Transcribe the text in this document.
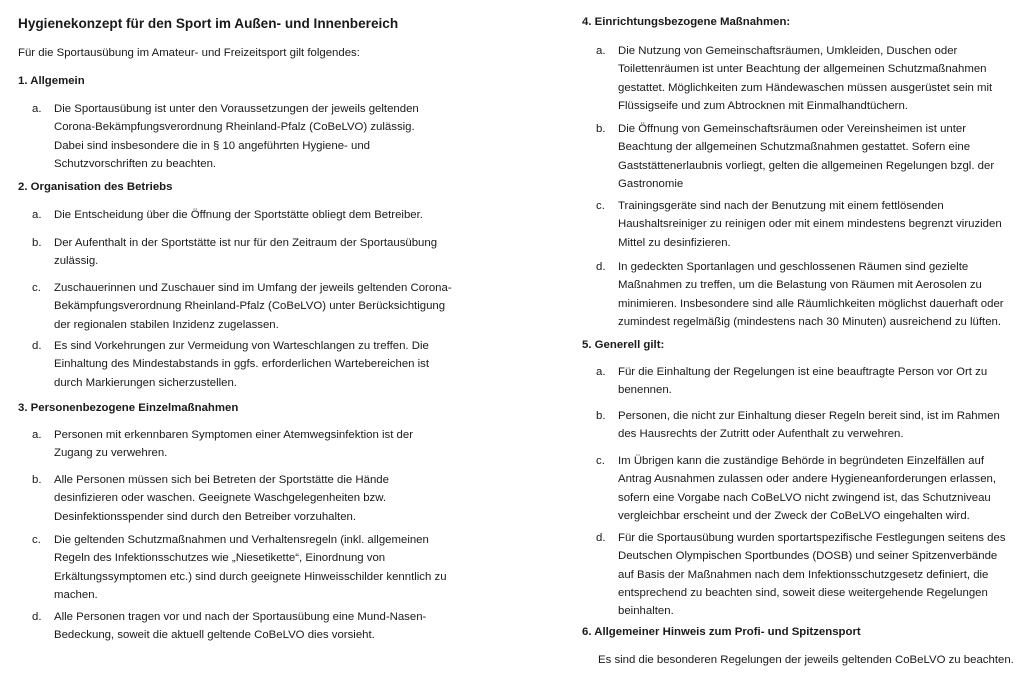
Hygienekonzept für den Sport im Außen- und Innenbereich
Für die Sportausübung im Amateur- und Freizeitsport gilt folgendes:
1. Allgemein
a. Die Sportausübung ist unter den Voraussetzungen der jeweils geltenden
Corona-Bekämpfungsverordnung Rheinland-Pfalz (CoBeLVO) zulässig.
Dabei sind insbesondere die in § 10 angeführten Hygiene- und
Schutzvorschriften zu beachten.
2. Organisation des Betriebs
a. Die Entscheidung über die Öffnung der Sportstätte obliegt dem Betreiber.
b. Der Aufenthalt in der Sportstätte ist nur für den Zeitraum der Sportausübung
zulässig.
c. Zuschauerinnen und Zuschauer sind im Umfang der jeweils geltenden Corona-
Bekämpfungsverordnung Rheinland-Pfalz (CoBeLVO) unter Berücksichtigung
der regionalen stabilen Inzidenz zugelassen.
d. Es sind Vorkehrungen zur Vermeidung von Warteschlangen zu treffen. Die
Einhaltung des Mindestabstands in ggfs. erforderlichen Wartebereichen ist
durch Markierungen sicherzustellen.
3. Personenbezogene Einzelmaßnahmen
a. Personen mit erkennbaren Symptomen einer Atemwegsinfektion ist der
Zugang zu verwehren.
b. Alle Personen müssen sich bei Betreten der Sportstätte die Hände
desinfizieren oder waschen. Geeignete Waschgelegenheiten bzw.
Desinfektionsspender sind durch den Betreiber vorzuhalten.
c. Die geltenden Schutzmaßnahmen und Verhaltensregeln (inkl. allgemeinen
Regeln des Infektionsschutzes wie „Niesetikette“, Einordnung von
Erkältungssymptomen etc.) sind durch geeignete Hinweisschilder kenntlich zu
machen.
d. Alle Personen tragen vor und nach der Sportausübung eine Mund-Nasen-
Bedeckung, soweit die aktuell geltende CoBeLVO dies vorsieht.
4. Einrichtungsbezogene Maßnahmen:
a. Die Nutzung von Gemeinschaftsräumen, Umkleiden, Duschen oder
Toilettenräumen ist unter Beachtung der allgemeinen Schutzmaßnahmen
gestattet. Möglichkeiten zum Händewaschen müssen ausgerüstet sein mit
Flüssigseife und zum Abtrocknen mit Einmalhandtüchern.
b. Die Öffnung von Gemeinschaftsräumen oder Vereinsheimen ist unter
Beachtung der allgemeinen Schutzmaßnahmen gestattet. Sofern eine
Gaststättenerlaubnis vorliegt, gelten die allgemeinen Regelungen bzgl. der
Gastronomie
c. Trainingsgeräte sind nach der Benutzung mit einem fettlösenden
Haushaltsreiniger zu reinigen oder mit einem mindestens begrenzt viruziden
Mittel zu desinfizieren.
d. In gedeckten Sportanlagen und geschlossenen Räumen sind gezielte
Maßnahmen zu treffen, um die Belastung von Räumen mit Aerosolen zu
minimieren. Insbesondere sind alle Räumlichkeiten möglichst dauerhaft oder
zumindest regelmäßig (mindestens nach 30 Minuten) ausreichend zu lüften.
5. Generell gilt:
a. Für die Einhaltung der Regelungen ist eine beauftragte Person vor Ort zu
benennen.
b. Personen, die nicht zur Einhaltung dieser Regeln bereit sind, ist im Rahmen
des Hausrechts der Zutritt oder Aufenthalt zu verwehren.
c. Im Übrigen kann die zuständige Behörde in begründeten Einzelfällen auf
Antrag Ausnahmen zulassen oder andere Hygieneanforderungen erlassen,
sofern eine Vorgabe nach CoBeLVO nicht zwingend ist, das Schutzniveau
vergleichbar erscheint und der Zweck der CoBeLVO eingehalten wird.
d. Für die Sportausübung wurden sportartspezifische Festlegungen seitens des
Deutschen Olympischen Sportbundes (DOSB) und seiner Spitzenverbände
auf Basis der Maßnahmen nach dem Infektionsschutzgesetz definiert, die
entsprechend zu beachten sind, soweit diese weitergehende Regelungen
beinhalten.
6. Allgemeiner Hinweis zum Profi- und Spitzensport
Es sind die besonderen Regelungen der jeweils geltenden CoBeLVO zu beachten.
